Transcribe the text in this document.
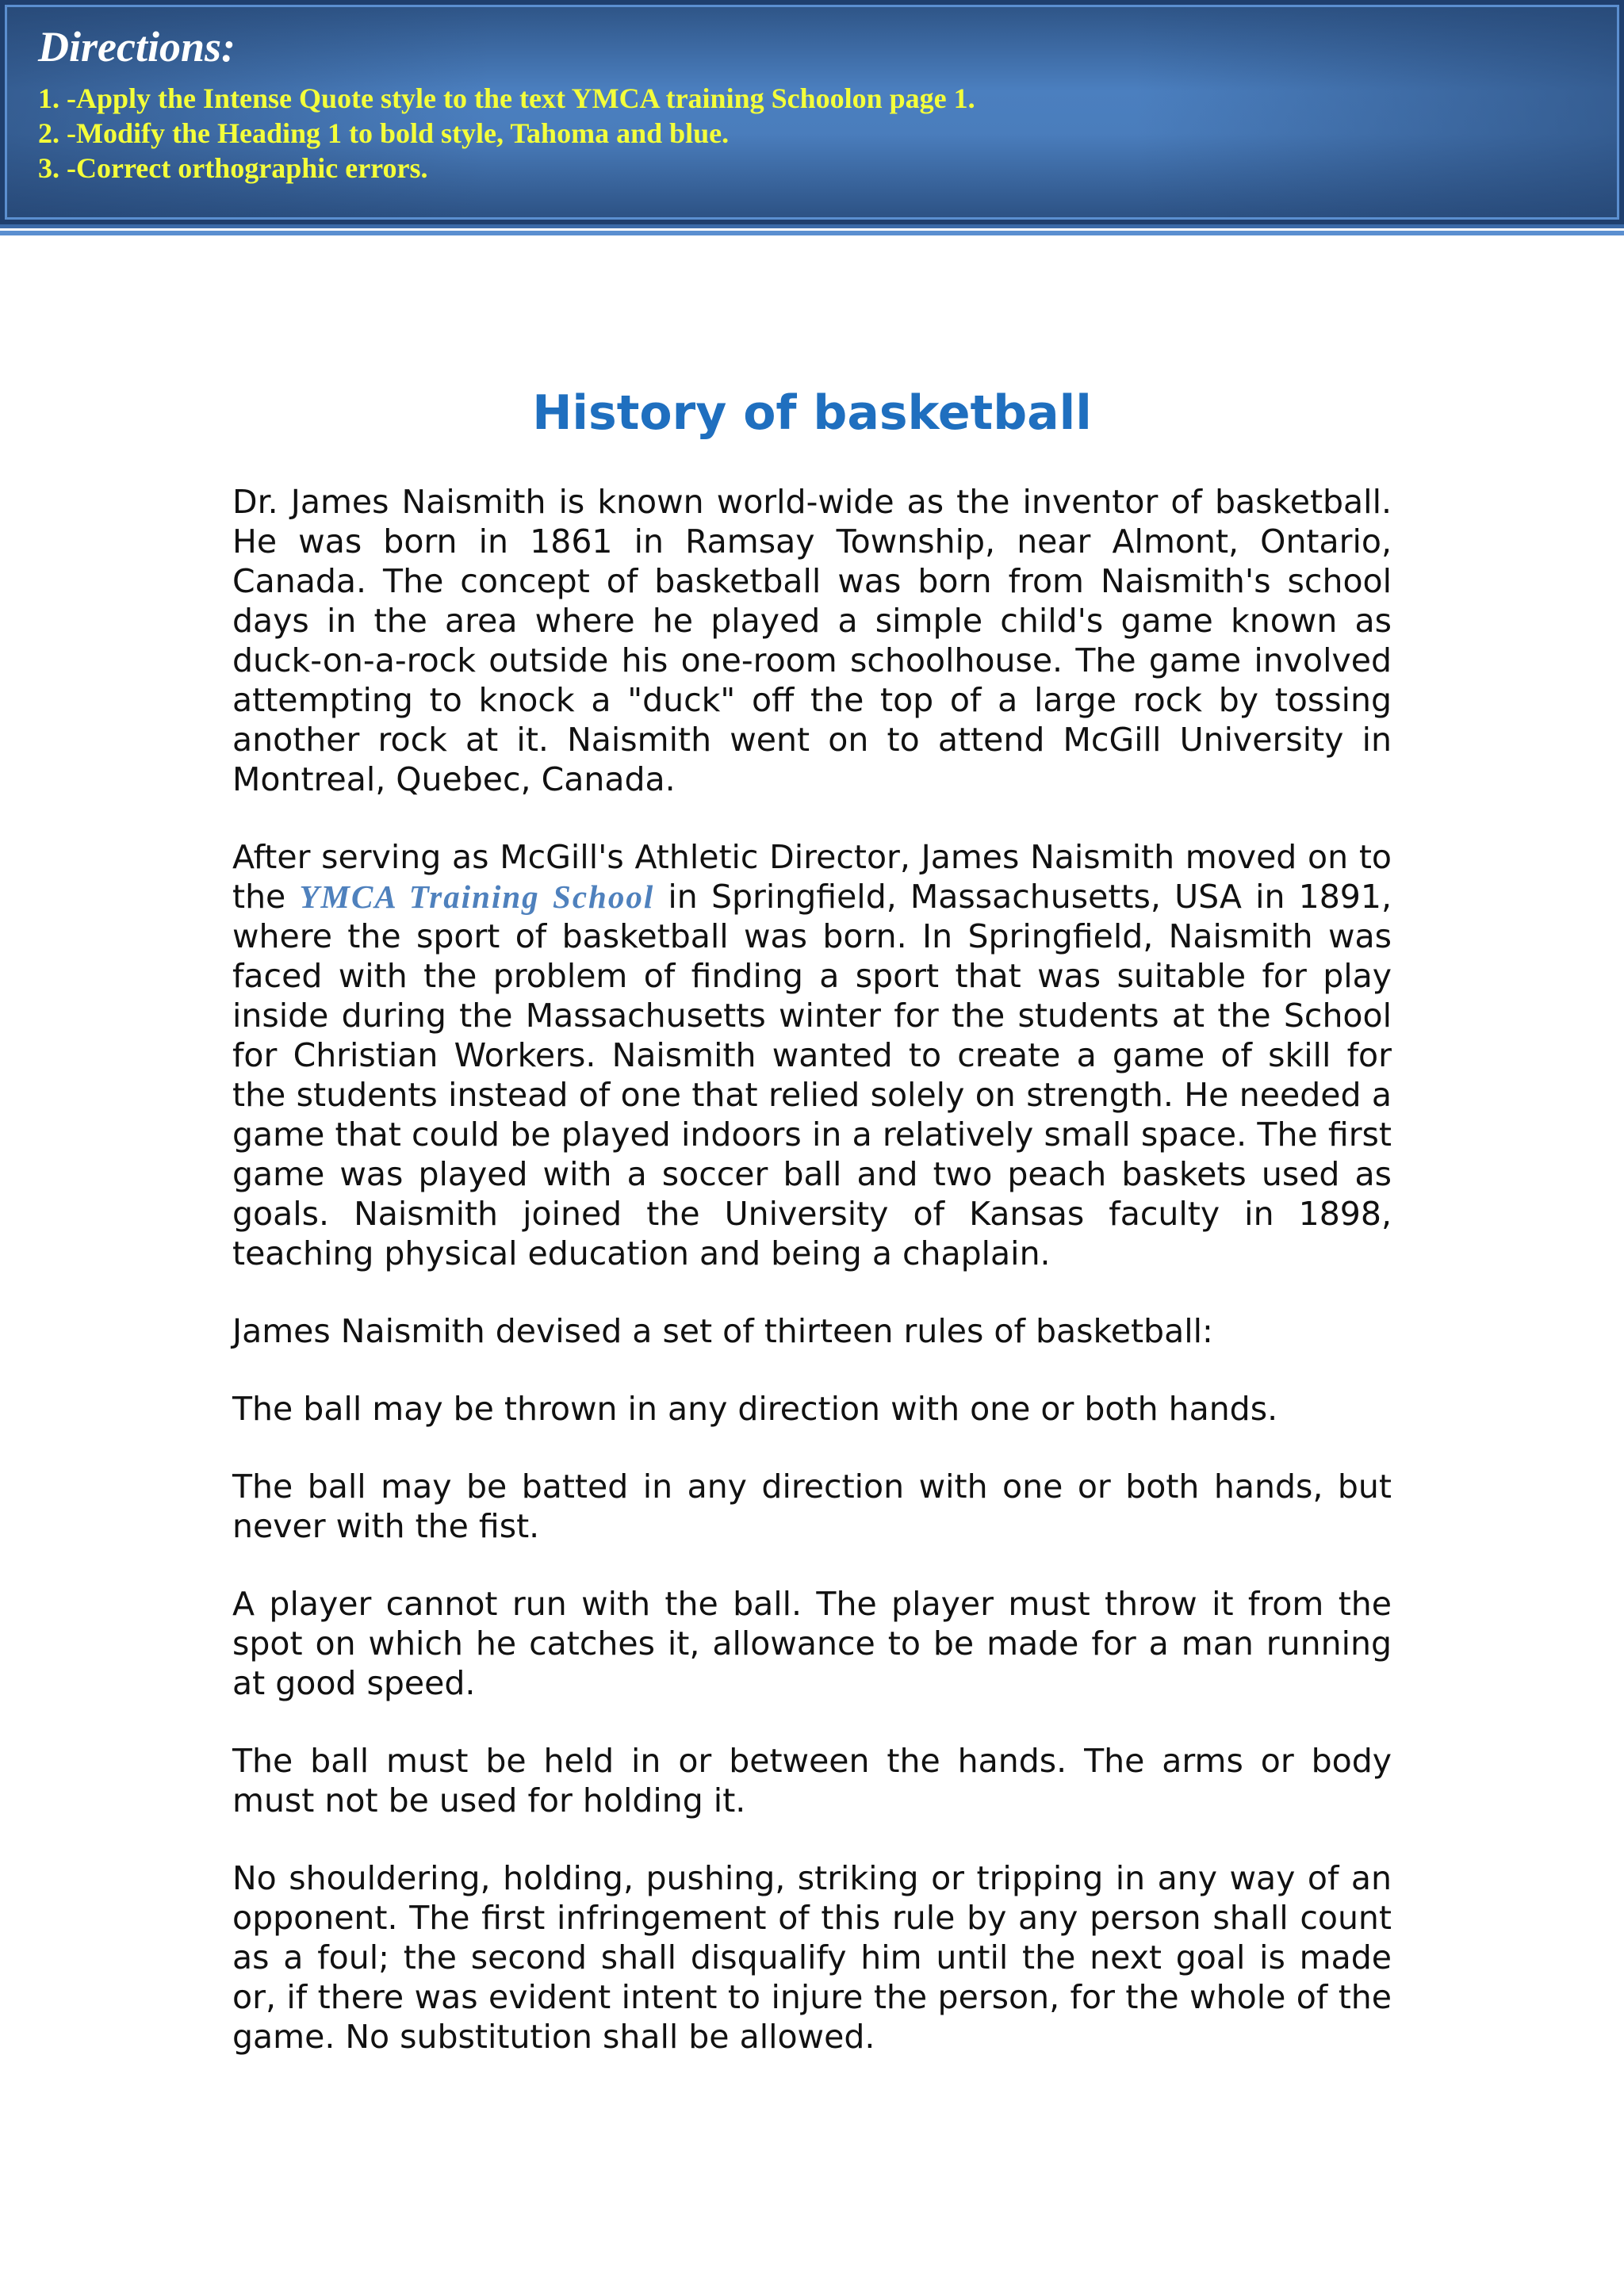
Directions:
1. -Apply the Intense Quote style to the text YMCA training Schoolon page 1.
2. -Modify the Heading 1 to bold style, Tahoma and blue.
3. -Correct orthographic errors.
History of basketball

Dr. James Naismith is known world-wide as the inventor of basketball. He was born in 1861 in Ramsay Township, near Almont, Ontario, Canada. The concept of basketball was born from Naismith's school days in the area where he played a simple child's game known as duck-on-a-rock outside his one-room schoolhouse. The game involved attempting to knock a "duck" off the top of a large rock by tossing another rock at it. Naismith went on to attend McGill University in Montreal, Quebec, Canada.

After serving as McGill's Athletic Director, James Naismith moved on to the YMCA Training School in Springfield, Massachusetts, USA in 1891, where the sport of basketball was born. In Springfield, Naismith was faced with the problem of finding a sport that was suitable for play inside during the Massachusetts winter for the students at the School for Christian Workers. Naismith wanted to create a game of skill for the students instead of one that relied solely on strength. He needed a game that could be played indoors in a relatively small space. The first game was played with a soccer ball and two peach baskets used as goals. Naismith joined the University of Kansas faculty in 1898, teaching physical education and being a chaplain.

James Naismith devised a set of thirteen rules of basketball:

The ball may be thrown in any direction with one or both hands.

The ball may be batted in any direction with one or both hands, but never with the fist.

A player cannot run with the ball. The player must throw it from the spot on which he catches it, allowance to be made for a man running at good speed.

The ball must be held in or between the hands. The arms or body must not be used for holding it.

No shouldering, holding, pushing, striking or tripping in any way of an opponent. The first infringement of this rule by any person shall count as a foul; the second shall disqualify him until the next goal is made or, if there was evident intent to injure the person, for the whole of the game. No substitution shall be allowed.
